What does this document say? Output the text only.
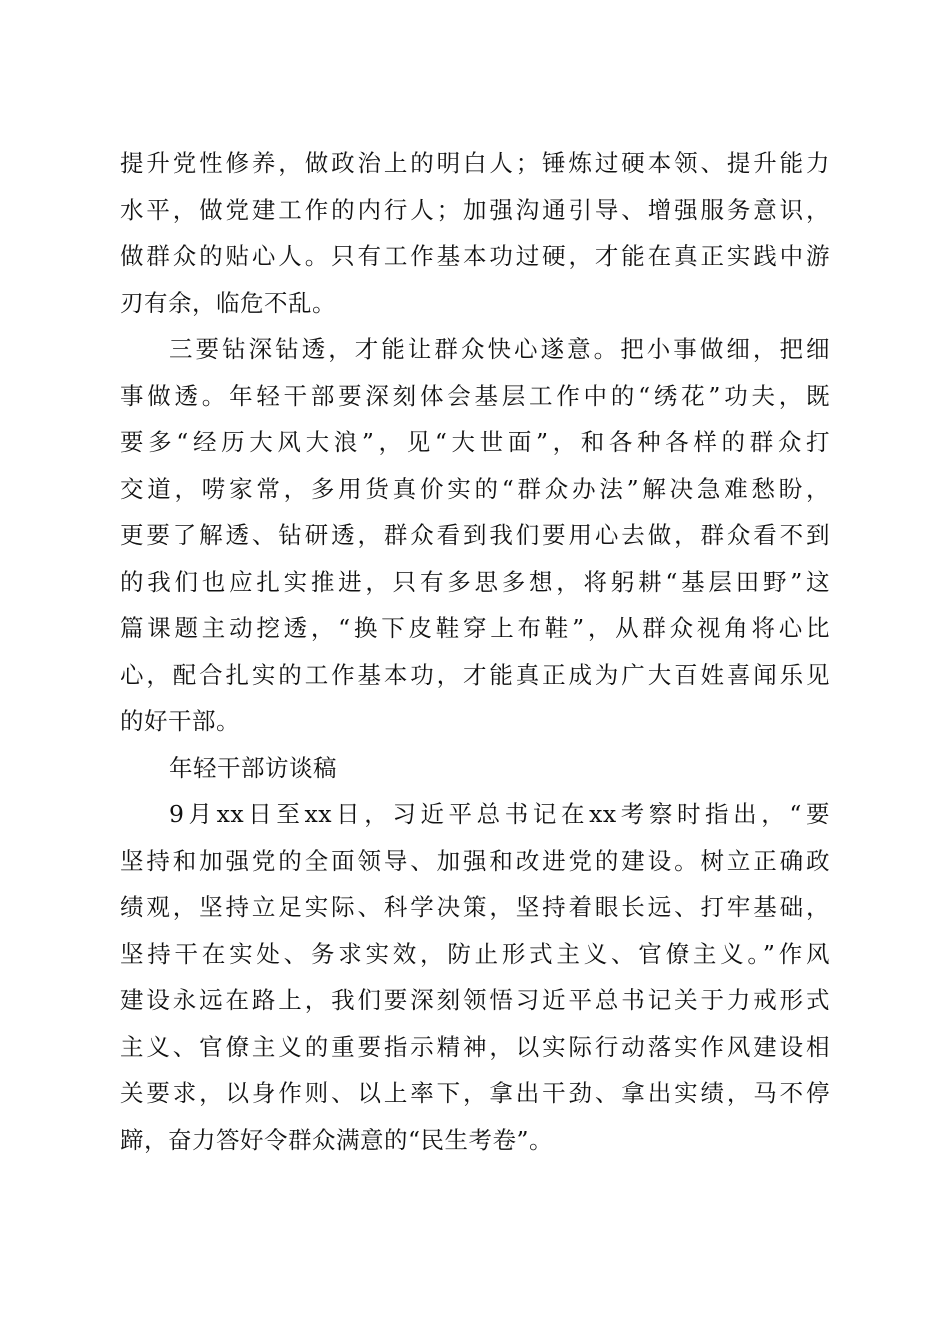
提升党性修养，做政治上的明白人；锤炼过硬本领、提升能力
水平，做党建工作的内行人；加强沟通引导、增强服务意识，
做群众的贴心人。只有工作基本功过硬，才能在真正实践中游
刃有余，临危不乱。
三要钻深钻透，才能让群众快心遂意。把小事做细，把细
事做透。年轻干部要深刻体会基层工作中的“绣花”功夫，既
要多“经历大风大浪”，见“大世面”，和各种各样的群众打
交道，唠家常，多用货真价实的“群众办法”解决急难愁盼，
更要了解透、钻研透，群众看到我们要用心去做，群众看不到
的我们也应扎实推进，只有多思多想，将躬耕“基层田野”这
篇课题主动挖透，“换下皮鞋穿上布鞋”，从群众视角将心比
心，配合扎实的工作基本功，才能真正成为广大百姓喜闻乐见
的好干部。
年轻干部访谈稿
9月xx日至xx日，习近平总书记在xx考察时指出，“要
坚持和加强党的全面领导、加强和改进党的建设。树立正确政
绩观，坚持立足实际、科学决策，坚持着眼长远、打牢基础，
坚持干在实处、务求实效，防止形式主义、官僚主义。”作风
建设永远在路上，我们要深刻领悟习近平总书记关于力戒形式
主义、官僚主义的重要指示精神，以实际行动落实作风建设相
关要求，以身作则、以上率下，拿出干劲、拿出实绩，马不停
蹄，奋力答好令群众满意的“民生考卷”。
